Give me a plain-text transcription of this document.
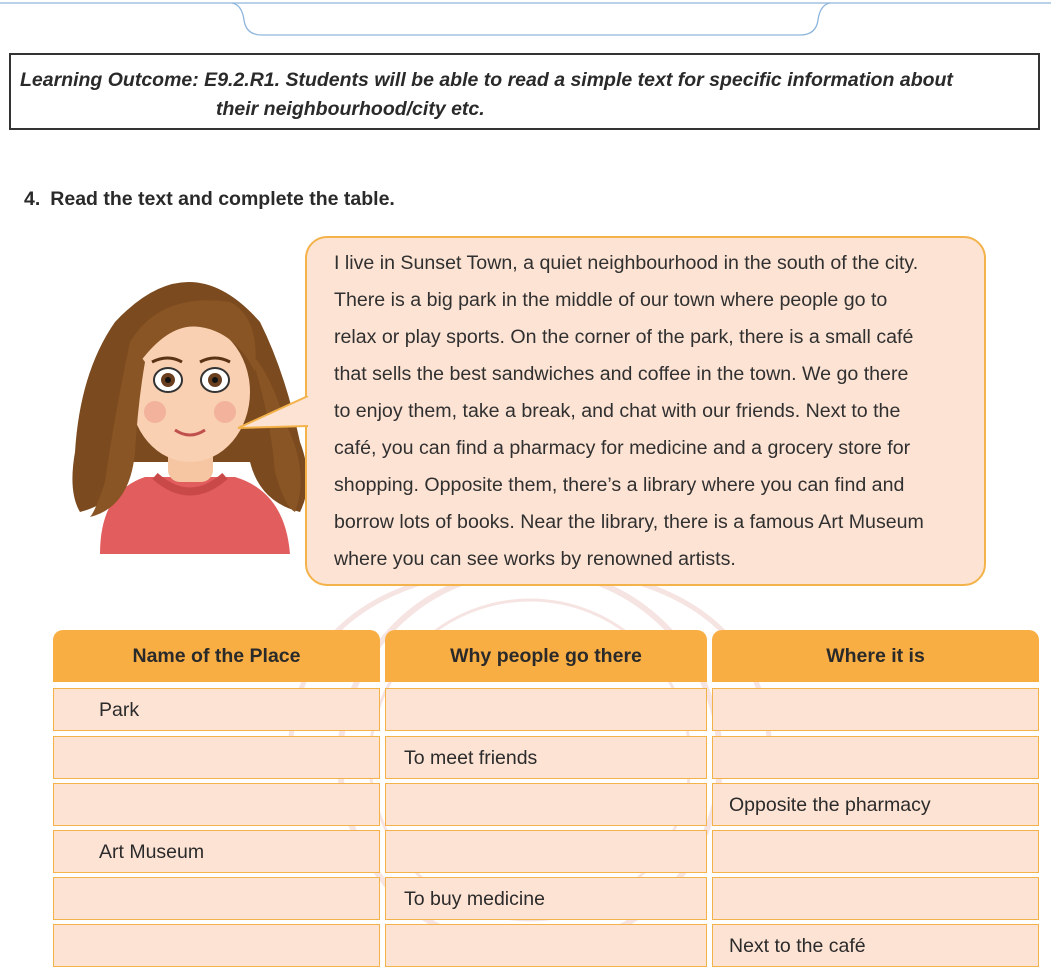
Learning Outcome: E9.2.R1. Students will be able to read a simple text for specific information about
their neighbourhood/city etc.
4. Read the text and complete the table.
I live in Sunset Town, a quiet neighbourhood in the south of the city.
There is a big park in the middle of our town where people go to
relax or play sports. On the corner of the park, there is a small café
that sells the best sandwiches and coffee in the town. We go there
to enjoy them, take a break, and chat with our friends. Next to the
café, you can find a pharmacy for medicine and a grocery store for
shopping. Opposite them, there’s a library where you can find and
borrow lots of books. Near the library, there is a famous Art Museum
where you can see works by renowned artists.
Name of the Place	Why people go there	Where it is
Park
To meet friends
Opposite the pharmacy
Art Museum
To buy medicine
Next to the café
